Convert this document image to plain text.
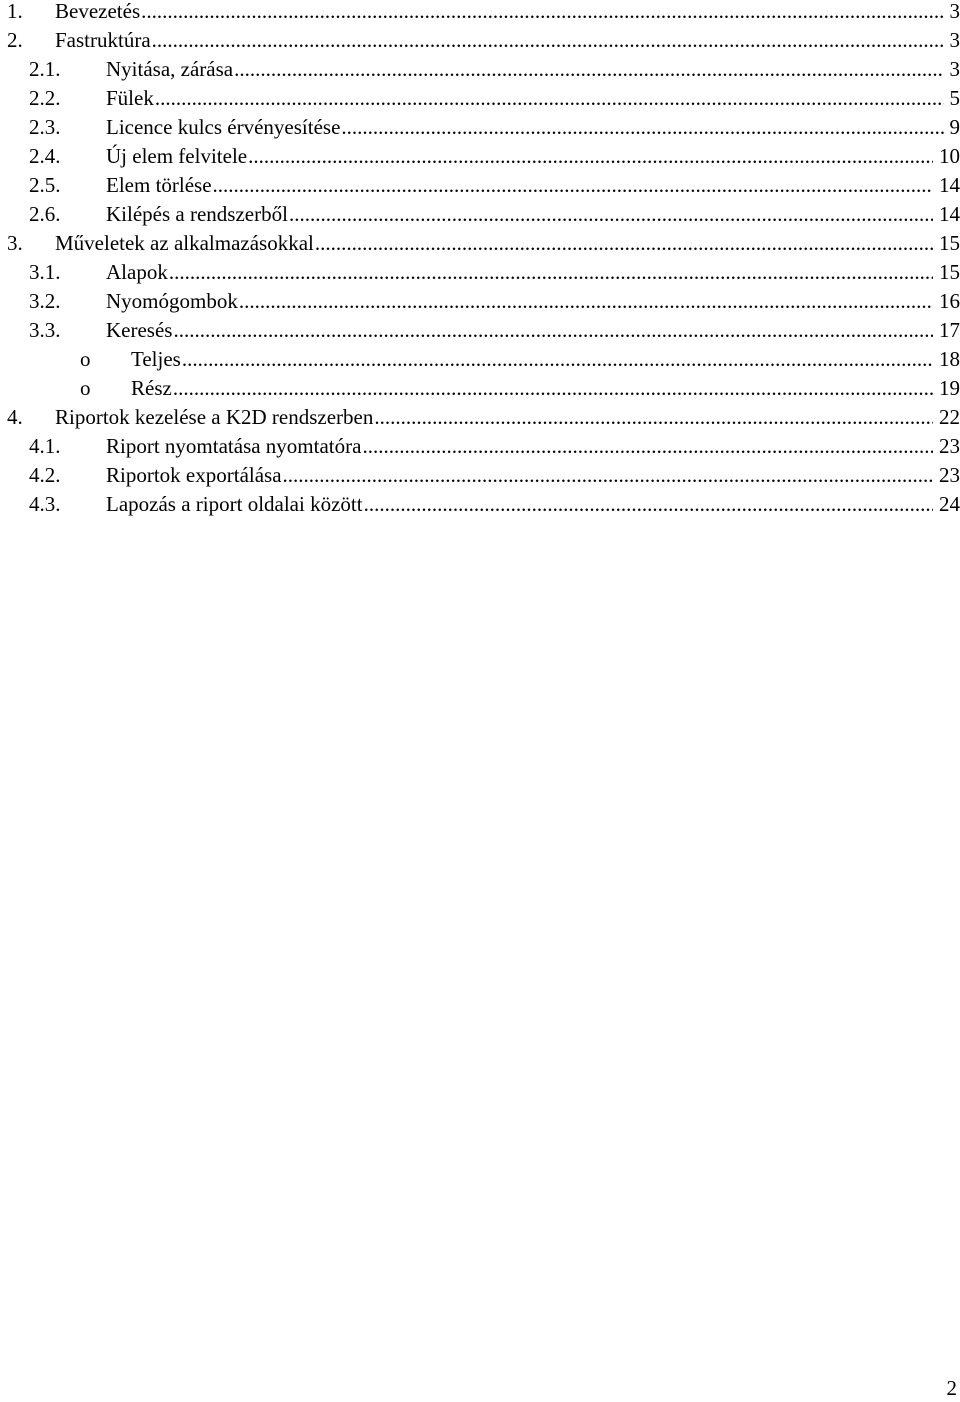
1. Bevezetés .....	3
2. Fastruktúra .....	3
2.1. Nyitása, zárása .....	3
2.2. Fülek .....	5
2.3. Licence kulcs érvényesítése .....	9
2.4. Új elem felvitele .....	10
2.5. Elem törlése .....	14
2.6. Kilépés a rendszerből .....	14
3. Műveletek az alkalmazásokkal .....	15
3.1. Alapok .....	15
3.2. Nyomógombok .....	16
3.3. Keresés .....	17
o Teljes .....	18
o Rész .....	19
4. Riportok kezelése a K2D rendszerben .....	22
4.1. Riport nyomtatása nyomtatóra .....	23
4.2. Riportok exportálása .....	23
4.3. Lapozás a riport oldalai között .....	24
2
